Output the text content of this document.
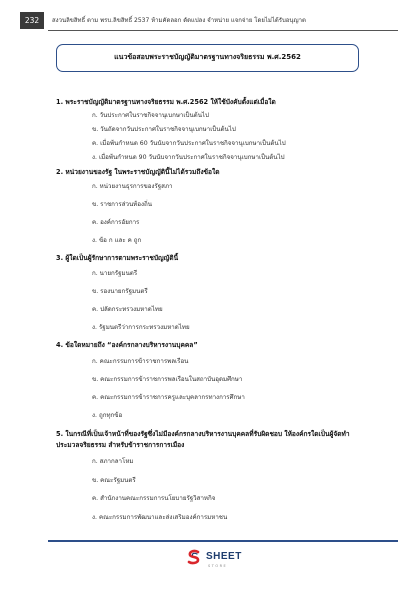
232	สงวนลิขสิทธิ์ ตาม พรบ.ลิขสิทธิ์ 2537 ห้ามคัดลอก ดัดแปลง จำหน่าย แจกจ่าย โดยไม่ได้รับอนุญาต
แนวข้อสอบพระราชบัญญัติมาตรฐานทางจริยธรรม พ.ศ.2562
1. พระราชบัญญัติมาตรฐานทางจริยธรรม พ.ศ.2562 ให้ใช้บังคับตั้งแต่เมื่อใด
ก. วันประกาศในราชกิจจานุเบกษาเป็นต้นไป
ข. วันถัดจากวันประกาศในราชกิจจานุเบกษาเป็นต้นไป
ค. เมื่อพ้นกำหนด 60 วันนับจากวันประกาศในราชกิจจานุเบกษาเป็นต้นไป
ง. เมื่อพ้นกำหนด 90 วันนับจากวันประกาศในราชกิจจานุเบกษาเป็นต้นไป
2. หน่วยงานของรัฐ ในพระราชบัญญัตินี้ไม่ได้รวมถึงข้อใด
ก. หน่วยงานธุรการของรัฐสภา
ข. ราชการส่วนท้องถิ่น
ค. องค์การอัยการ
ง. ข้อ ก และ ค ถูก
3. ผู้ใดเป็นผู้รักษาการตามพระราชบัญญัตินี้
ก. นายกรัฐมนตรี
ข. รองนายกรัฐมนตรี
ค. ปลัดกระทรวงมหาดไทย
ง. รัฐมนตรีว่าการกระทรวงมหาดไทย
4. ข้อใดหมายถึง “องค์กรกลางบริหารงานบุคคล”
ก. คณะกรรมการข้าราชการพลเรือน
ข. คณะกรรมการข้าราชการพลเรือนในสถาบันอุดมศึกษา
ค. คณะกรรมการข้าราชการครูและบุคลากรทางการศึกษา
ง. ถูกทุกข้อ
5. ในกรณีที่เป็นเจ้าหน้าที่ของรัฐซึ่งไม่มีองค์กรกลางบริหารงานบุคคลที่รับผิดชอบ ให้องค์กรใดเป็นผู้จัดทำประมวลจริยธรรม สำหรับข้าราชการการเมือง
ก. สภากลาโหม
ข. คณะรัฐมนตรี
ค. สำนักงานคณะกรรมการนโยบายรัฐวิสาหกิจ
ง. คณะกรรมการพัฒนาและส่งเสริมองค์การมหาชน
SHEET
STORE
